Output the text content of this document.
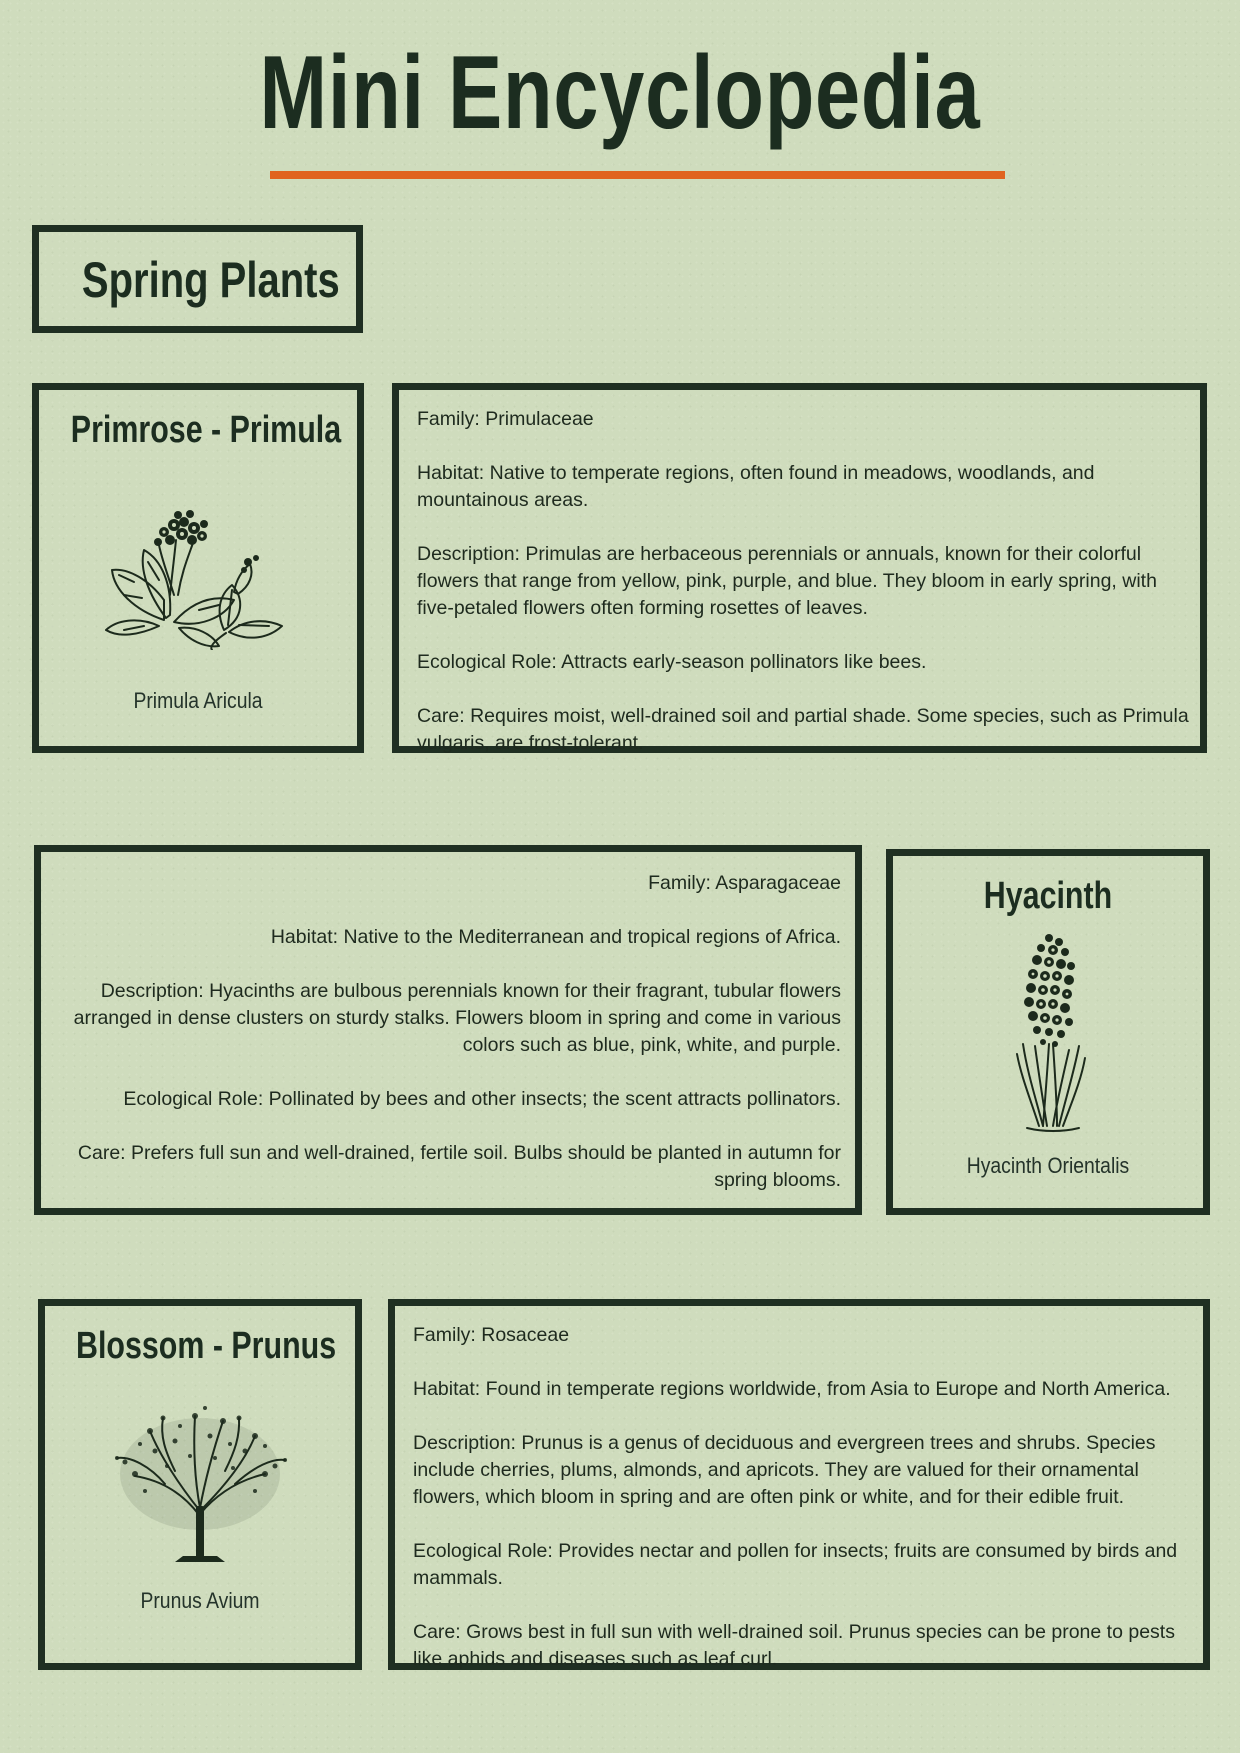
Mini Encyclopedia
Spring Plants
Primrose - Primula
Primula Aricula

Family: Primulaceae

Habitat: Native to temperate regions, often found in meadows, woodlands, and mountainous areas.

Description: Primulas are herbaceous perennials or annuals, known for their colorful flowers that range from yellow, pink, purple, and blue. They bloom in early spring, with five-petaled flowers often forming rosettes of leaves.

Ecological Role: Attracts early-season pollinators like bees.

Care: Requires moist, well-drained soil and partial shade. Some species, such as Primula vulgaris, are frost-tolerant.

Family: Asparagaceae

Habitat: Native to the Mediterranean and tropical regions of Africa.

Description: Hyacinths are bulbous perennials known for their fragrant, tubular flowers arranged in dense clusters on sturdy stalks. Flowers bloom in spring and come in various colors such as blue, pink, white, and purple.

Ecological Role: Pollinated by bees and other insects; the scent attracts pollinators.

Care: Prefers full sun and well-drained, fertile soil. Bulbs should be planted in autumn for spring blooms.

Hyacinth
Hyacinth Orientalis
Blossom - Prunus
Prunus Avium

Family: Rosaceae

Habitat: Found in temperate regions worldwide, from Asia to Europe and North America.

Description: Prunus is a genus of deciduous and evergreen trees and shrubs. Species include cherries, plums, almonds, and apricots. They are valued for their ornamental flowers, which bloom in spring and are often pink or white, and for their edible fruit.

Ecological Role: Provides nectar and pollen for insects; fruits are consumed by birds and mammals.

Care: Grows best in full sun with well-drained soil. Prunus species can be prone to pests like aphids and diseases such as leaf curl.
